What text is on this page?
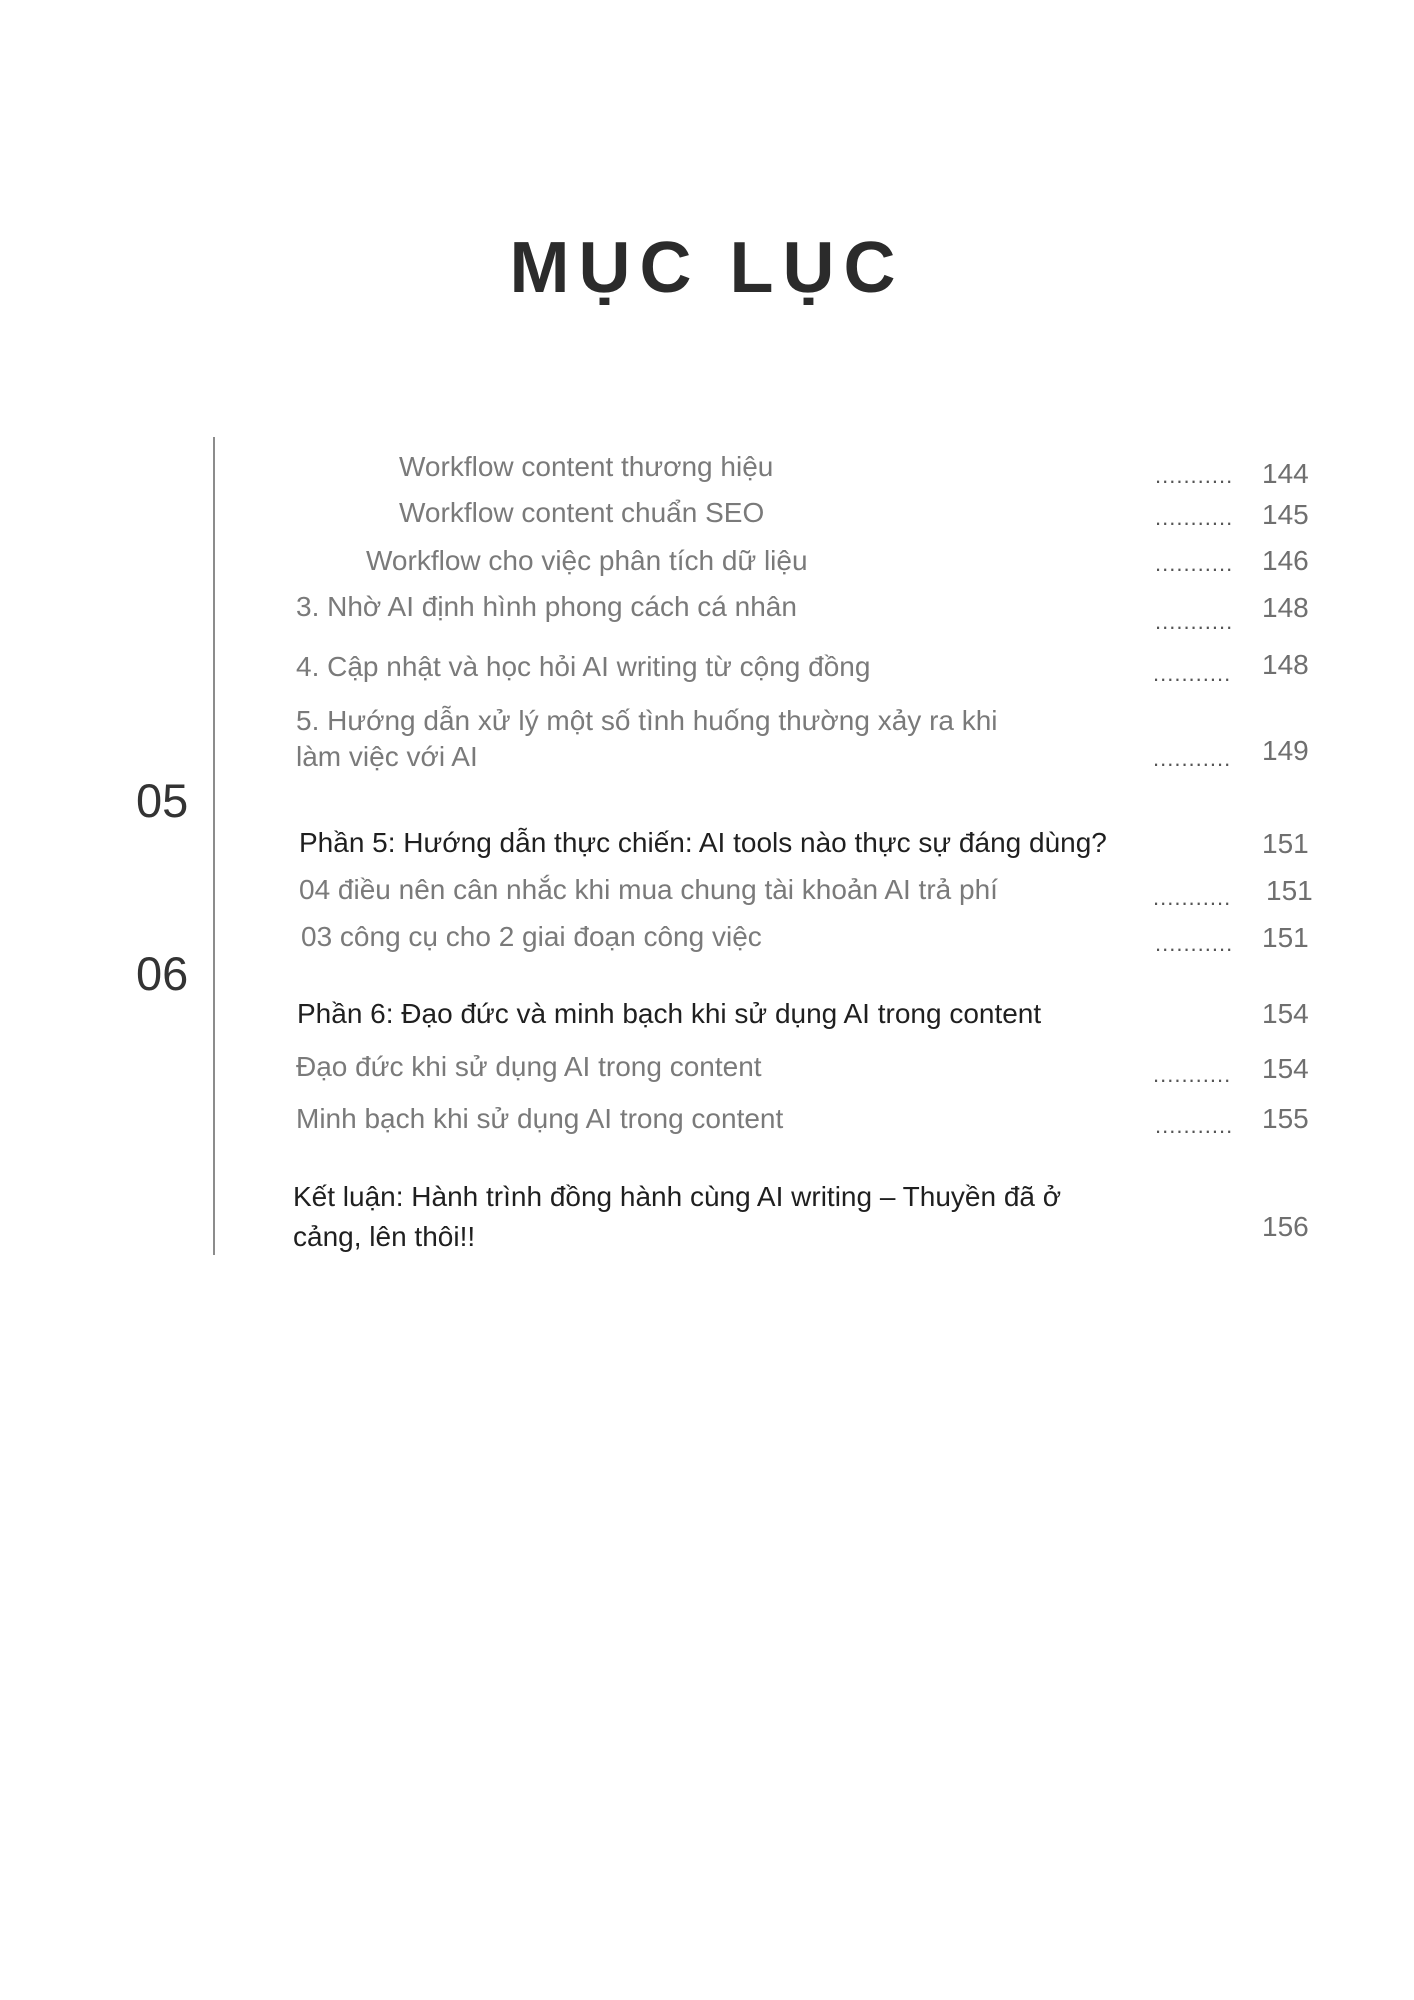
MỤC LỤC
05
06
Workflow content thương hiệu	........... 144
Workflow content chuẩn SEO	........... 145
Workflow cho việc phân tích dữ liệu	........... 146
3. Nhờ AI định hình phong cách cá nhân	........... 148
4. Cập nhật và học hỏi AI writing từ cộng đồng	........... 148
5. Hướng dẫn xử lý một số tình huống thường xảy ra khi làm việc với AI	........... 149
Phần 5: Hướng dẫn thực chiến: AI tools nào thực sự đáng dùng?	151
04 điều nên cân nhắc khi mua chung tài khoản AI trả phí	........... 151
03 công cụ cho 2 giai đoạn công việc	........... 151
Phần 6: Đạo đức và minh bạch khi sử dụng AI trong content	154
Đạo đức khi sử dụng AI trong content	........... 154
Minh bạch khi sử dụng AI trong content	........... 155
Kết luận: Hành trình đồng hành cùng AI writing – Thuyền đã ở cảng, lên thôi!!	156
